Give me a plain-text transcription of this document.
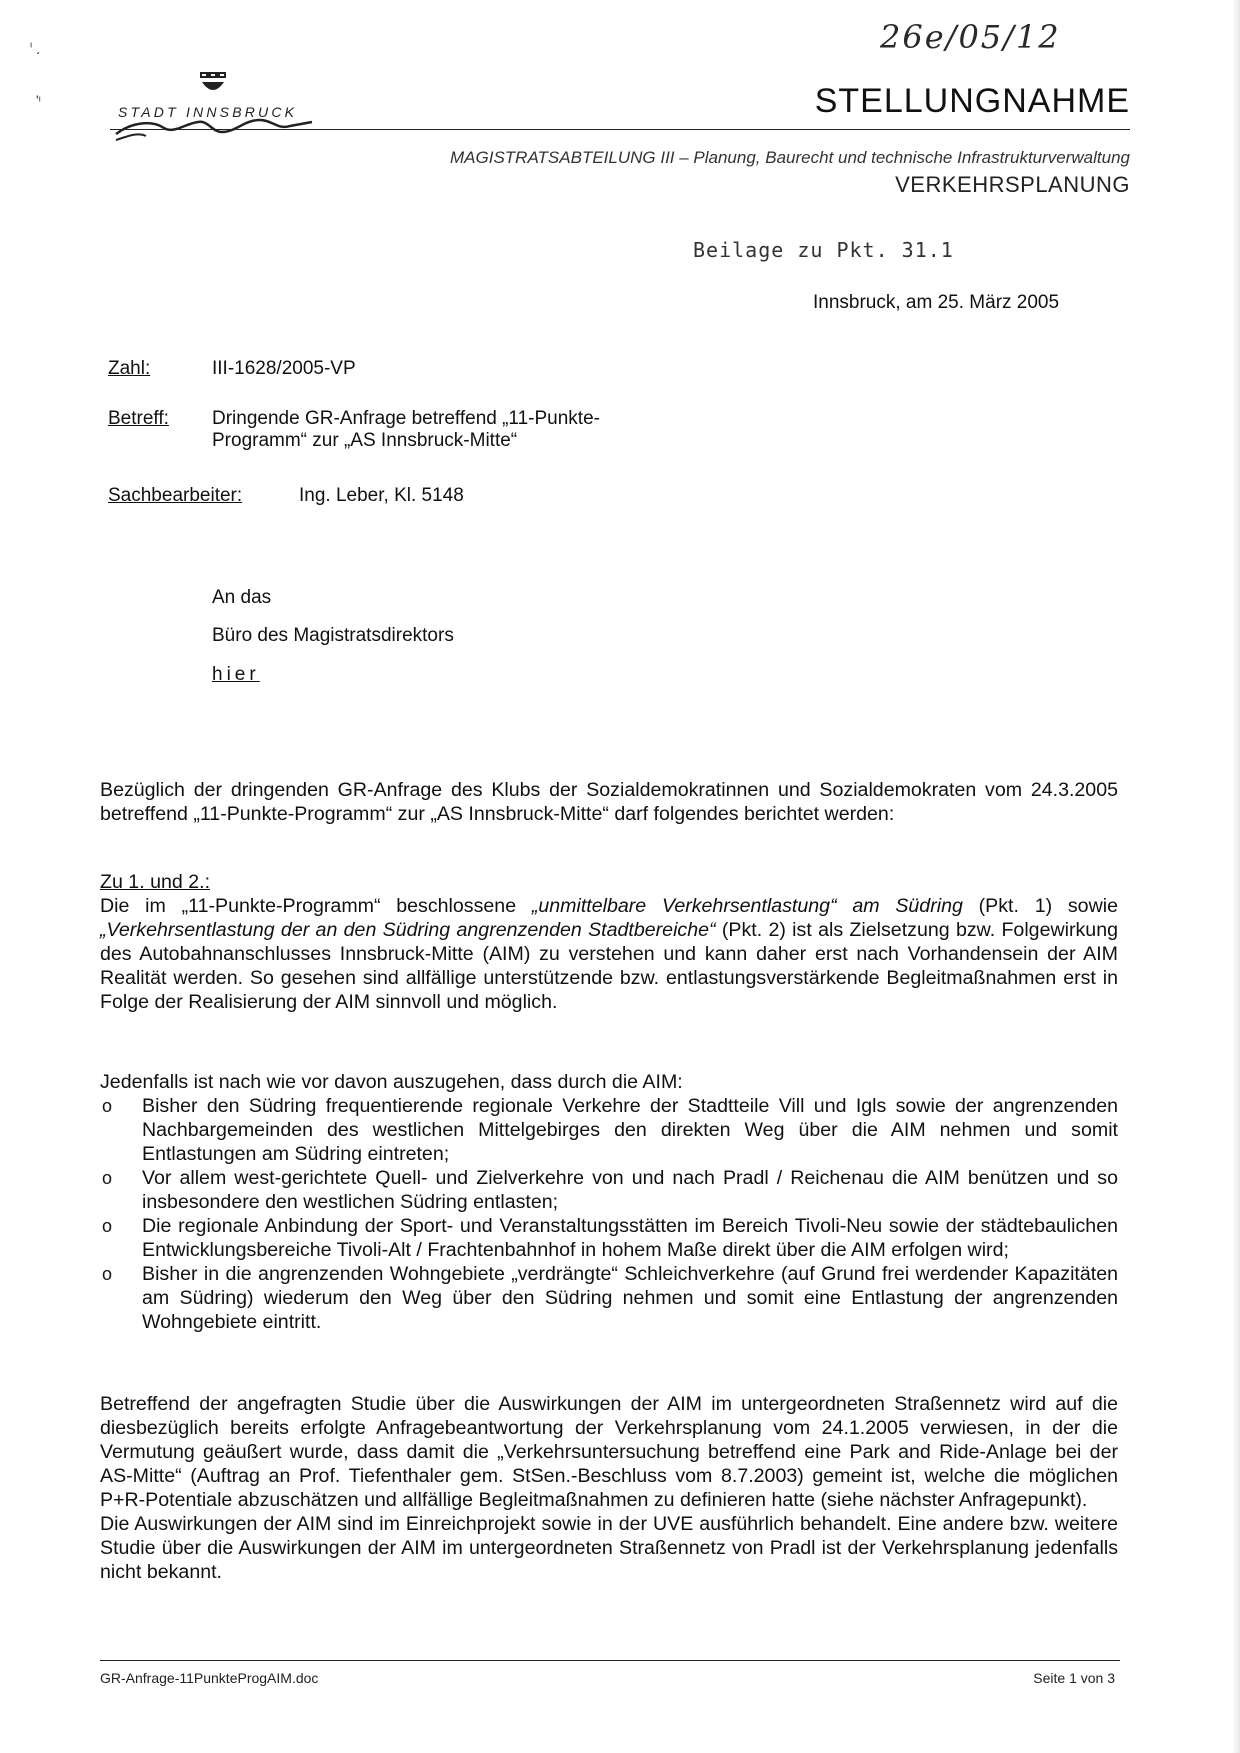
ᶦ ͵
'ᶦ
26e/05/12
STADT INNSBRUCK	STELLUNGNAHME
MAGISTRATSABTEILUNG III – Planung, Baurecht und technische Infrastrukturverwaltung
VERKEHRSPLANUNG
Beilage zu Pkt. 31.1
Innsbruck, am 25. März 2005
Zahl:	III-1628/2005-VP
Betreff: Dringende GR-Anfrage betreffend „11-Punkte-
Programm“ zur „AS Innsbruck-Mitte“
Sachbearbeiter:	Ing. Leber, Kl. 5148
An das
Büro des Magistratsdirektors
hier

Bezüglich der dringenden GR-Anfrage des Klubs der Sozialdemokratinnen und Sozialdemokraten vom 24.3.2005 betreffend „11-Punkte-Programm“ zur „AS Innsbruck-Mitte“ darf folgendes berichtet werden:

Zu 1. und 2.:

Die im „11-Punkte-Programm“ beschlossene „unmittelbare Verkehrsentlastung“ am Südring (Pkt. 1) sowie „Verkehrsentlastung der an den Südring angrenzenden Stadtbereiche“ (Pkt. 2) ist als Zielsetzung bzw. Folgewirkung des Autobahnanschlusses Innsbruck-Mitte (AIM) zu verstehen und kann daher erst nach Vorhandensein der AIM Realität werden. So gesehen sind allfällige unterstützende bzw. entlastungsverstärkende Begleitmaßnahmen erst in Folge der Realisierung der AIM sinnvoll und möglich.

Jedenfalls ist nach wie vor davon auszugehen, dass durch die AIM:
o	Bisher den Südring frequentierende regionale Verkehre der Stadtteile Vill und Igls sowie der angrenzenden Nachbargemeinden des westlichen Mittelgebirges den direkten Weg über die AIM nehmen und somit Entlastungen am Südring eintreten;
o	Vor allem west-gerichtete Quell- und Zielverkehre von und nach Pradl / Reichenau die AIM benützen und so insbesondere den westlichen Südring entlasten;
o	Die regionale Anbindung der Sport- und Veranstaltungsstätten im Bereich Tivoli-Neu sowie der städtebaulichen Entwicklungsbereiche Tivoli-Alt / Frachtenbahnhof in hohem Maße direkt über die AIM erfolgen wird;
o	Bisher in die angrenzenden Wohngebiete „verdrängte“ Schleichverkehre (auf Grund frei werdender Kapazitäten am Südring) wiederum den Weg über den Südring nehmen und somit eine Entlastung der angrenzenden Wohngebiete eintritt.

Betreffend der angefragten Studie über die Auswirkungen der AIM im untergeordneten Straßennetz wird auf die diesbezüglich bereits erfolgte Anfragebeantwortung der Verkehrsplanung vom 24.1.2005 verwiesen, in der die Vermutung geäußert wurde, dass damit die „Verkehrsuntersuchung betreffend eine Park and Ride-Anlage bei der AS-Mitte“ (Auftrag an Prof. Tiefenthaler gem. StSen.-Beschluss vom 8.7.2003) gemeint ist, welche die möglichen P+R-Potentiale abzuschätzen und allfällige Begleitmaßnahmen zu definieren hatte (siehe nächster Anfragepunkt).

Die Auswirkungen der AIM sind im Einreichprojekt sowie in der UVE ausführlich behandelt. Eine andere bzw. weitere Studie über die Auswirkungen der AIM im untergeordneten Straßennetz von Pradl ist der Verkehrsplanung jedenfalls nicht bekannt.

GR-Anfrage-11PunkteProgAIM.doc	Seite 1 von 3
